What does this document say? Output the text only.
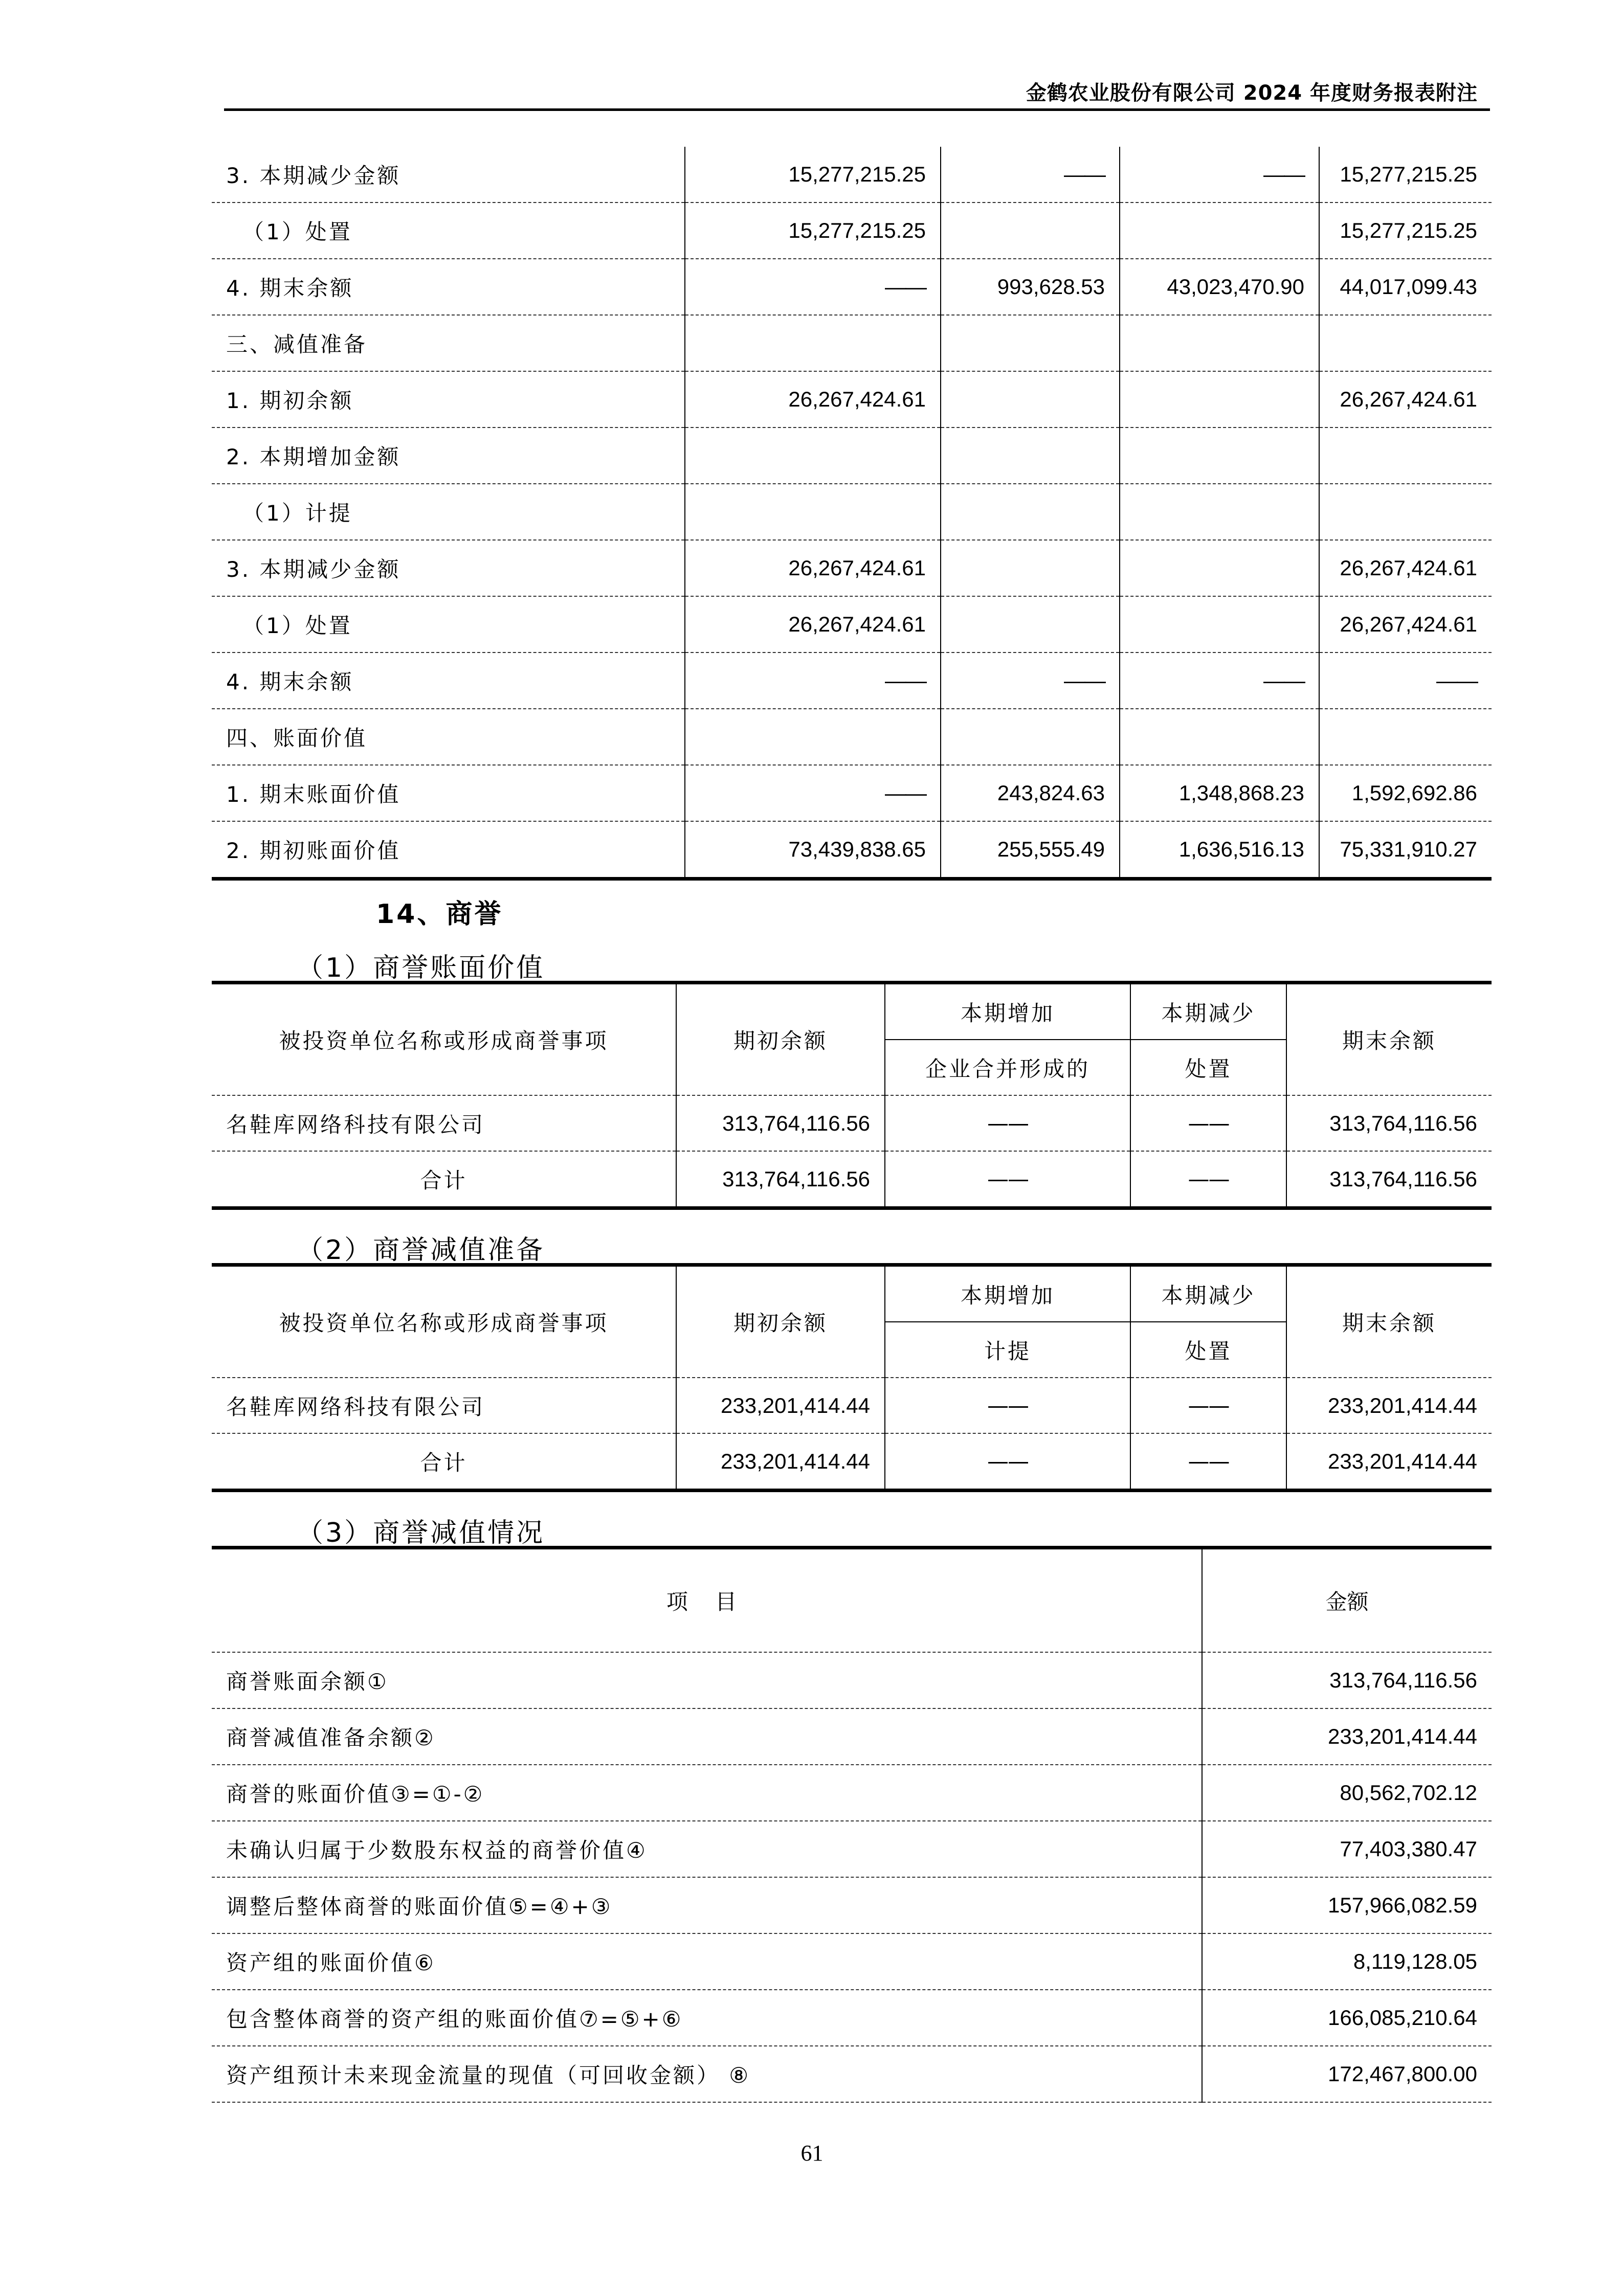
金鹤农业股份有限公司 2024 年度财务报表附注
3. 本期减少金额	15,277,215.25	——	——	15,277,215.25
（1）处置	15,277,215.25			15,277,215.25
4. 期末余额	——	993,628.53	43,023,470.90	44,017,099.43
三、减值准备				
1. 期初余额	26,267,424.61			26,267,424.61
2. 本期增加金额				
（1）计提				
3. 本期减少金额	26,267,424.61			26,267,424.61
（1）处置	26,267,424.61			26,267,424.61
4. 期末余额	——	——	——	——
四、账面价值				
1. 期末账面价值	——	243,824.63	1,348,868.23	1,592,692.86
2. 期初账面价值	73,439,838.65	255,555.49	1,636,516.13	75,331,910.27
14、商誉
（1）商誉账面价值
被投资单位名称或形成商誉事项	期初余额	本期增加	本期减少	期末余额
		企业合并形成的	处置	
名鞋库网络科技有限公司	313,764,116.56	——	——	313,764,116.56
合计	313,764,116.56	——	——	313,764,116.56
（2）商誉减值准备
被投资单位名称或形成商誉事项	期初余额	本期增加	本期减少	期末余额
		计提	处置	
名鞋库网络科技有限公司	233,201,414.44	——	——	233,201,414.44
合计	233,201,414.44	——	——	233,201,414.44
（3）商誉减值情况
项 目	金额
商誉账面余额①	313,764,116.56
商誉减值准备余额②	233,201,414.44
商誉的账面价值③=①-②	80,562,702.12
未确认归属于少数股东权益的商誉价值④	77,403,380.47
调整后整体商誉的账面价值⑤=④+③	157,966,082.59
资产组的账面价值⑥	8,119,128.05
包含整体商誉的资产组的账面价值⑦=⑤+⑥	166,085,210.64
资产组预计未来现金流量的现值（可回收金额） ⑧	172,467,800.00
61
